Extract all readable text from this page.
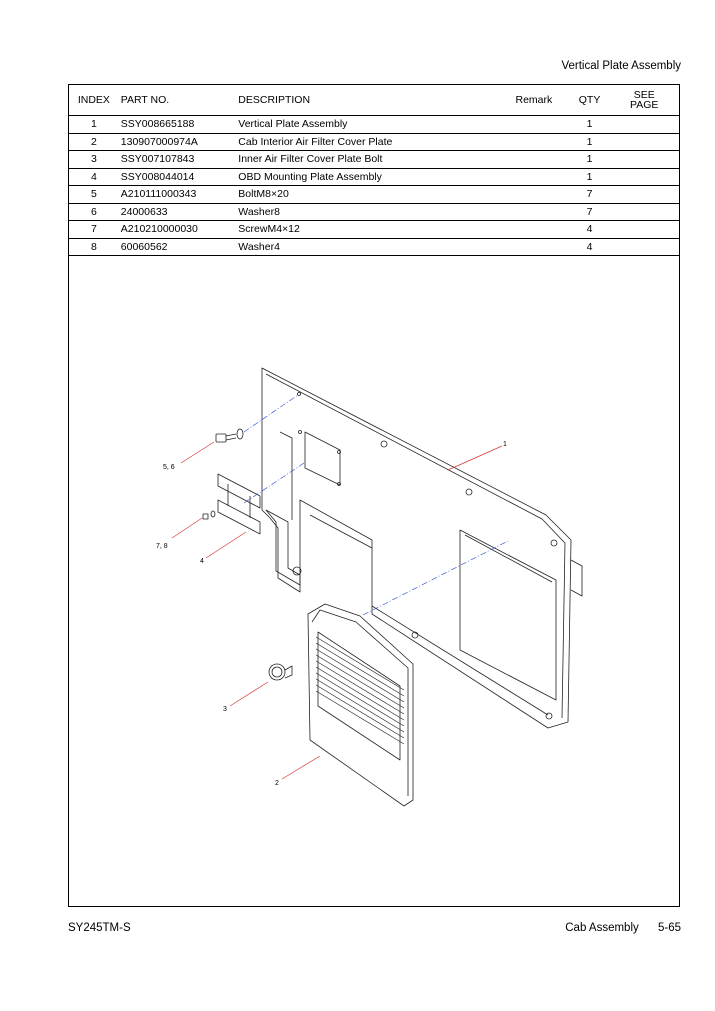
Vertical Plate Assembly
INDEX	PART NO.	DESCRIPTION	Remark	QTY	SEE
PAGE

1	SSY008665188	Vertical Plate Assembly		1	
2	130907000974A	Cab Interior Air Filter Cover Plate		1	
3	SSY007107843	Inner Air Filter Cover Plate Bolt		1	
4	SSY008044014	OBD Mounting Plate Assembly		1	
5	A210111000343	BoltM8×20		7	
6	24000633	Washer8		7	
7	A210210000030	ScrewM4×12		4	
8	60060562	Washer4		4	
1
5, 6
7, 8
4
3
2
SY245TM-S	Cab Assembly 5-65
